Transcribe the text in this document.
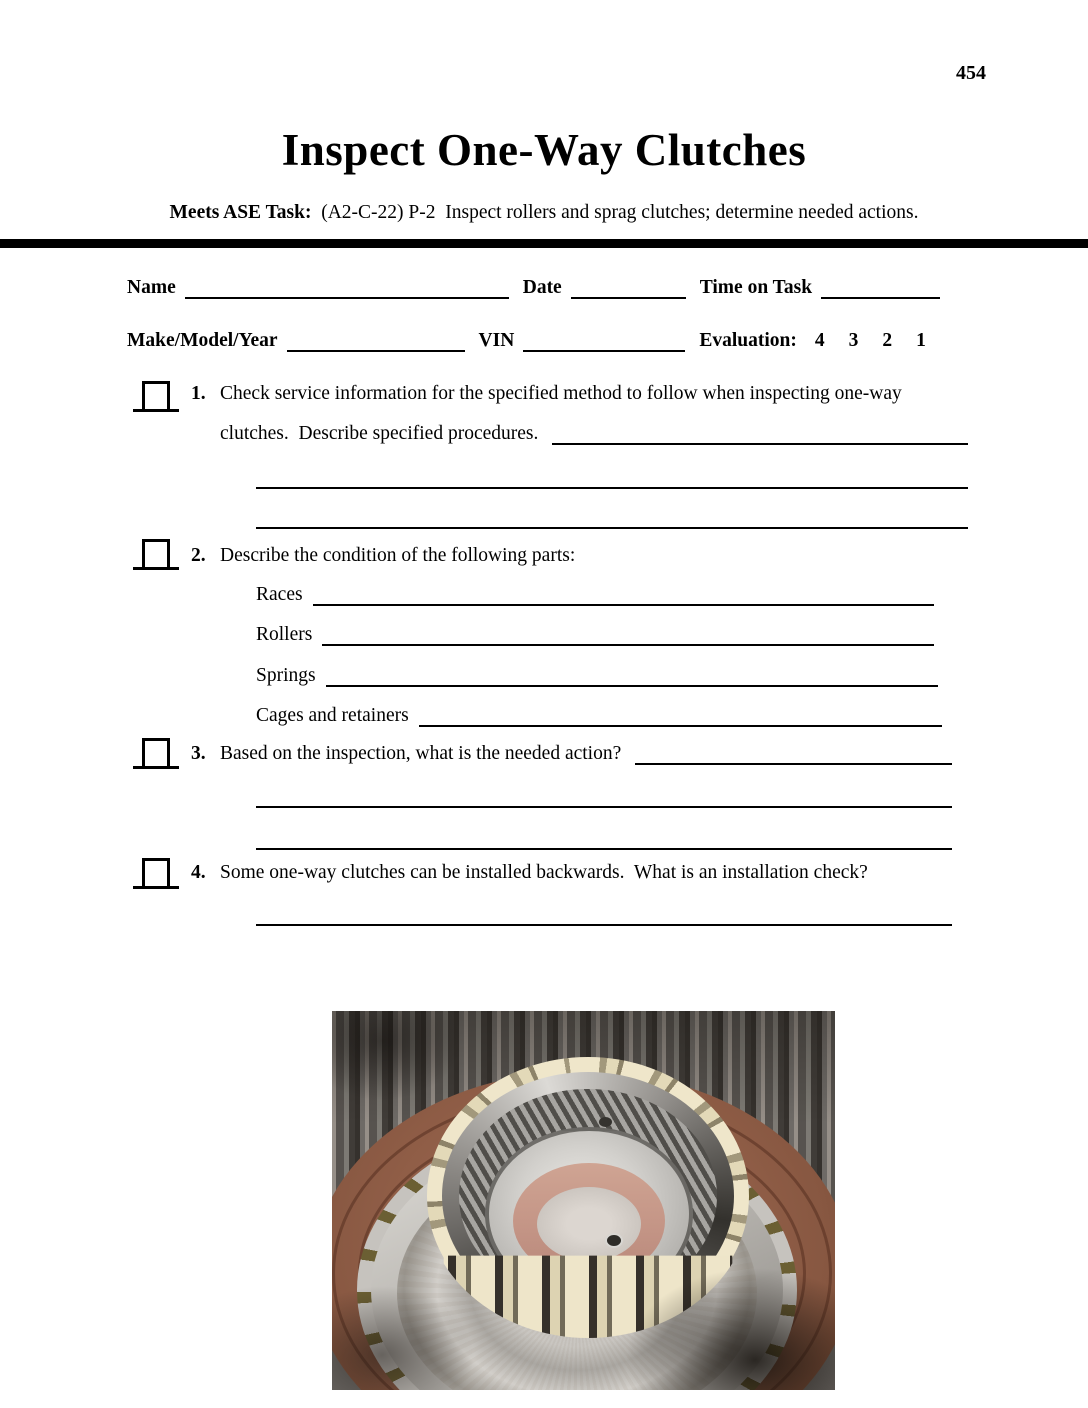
454
Inspect One-Way Clutches
Meets ASE Task:  (A2-C-22) P-2  Inspect rollers and sprag clutches; determine needed actions.
Name	Date	Time on Task
Make/Model/Year	VIN	Evaluation: 4 3 2 1
1. Check service information for the specified method to follow when inspecting one-way
clutches.  Describe specified procedures.
2. Describe the condition of the following parts:
Races
Rollers
Springs
Cages and retainers
3. Based on the inspection, what is the needed action?
4. Some one-way clutches can be installed backwards.  What is an installation check?
